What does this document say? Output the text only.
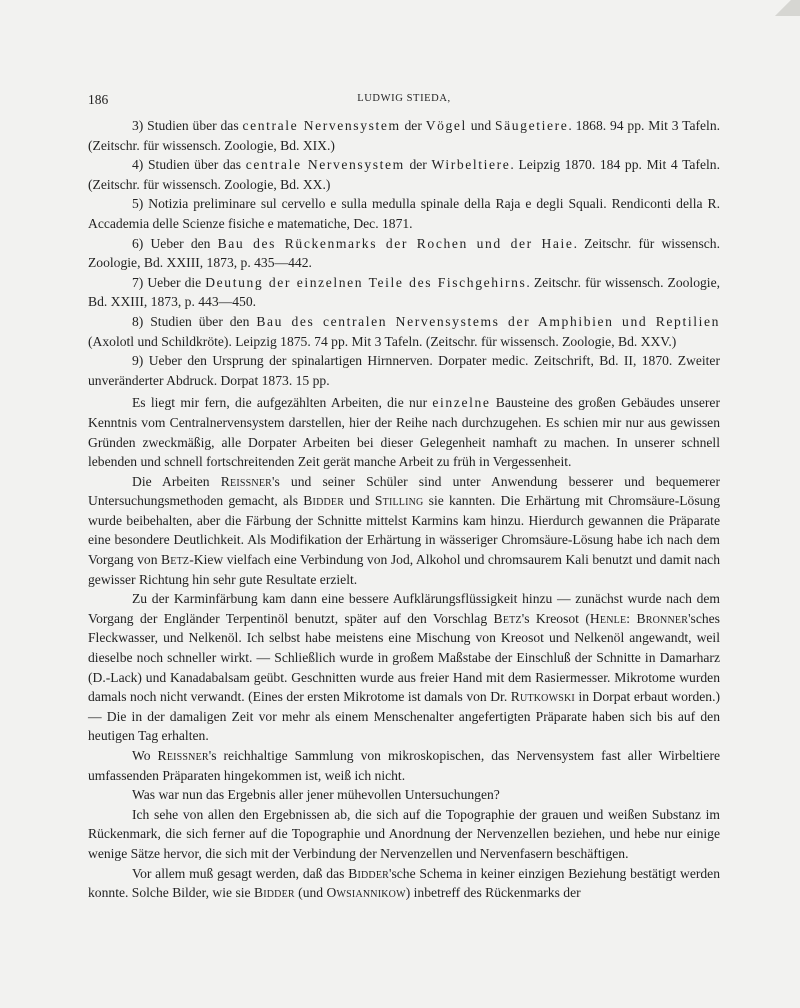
186	LUDWIG STIEDA,

3) Studien über das centrale Nervensystem der Vögel und Säugetiere. 1868. 94 pp. Mit 3 Tafeln. (Zeitschr. für wissensch. Zoologie, Bd. XIX.)

4) Studien über das centrale Nervensystem der Wirbeltiere. Leipzig 1870. 184 pp. Mit 4 Tafeln. (Zeitschr. für wissensch. Zoologie, Bd. XX.)

5) Notizia preliminare sul cervello e sulla medulla spinale della Raja e degli Squali. Rendiconti della R. Accademia delle Scienze fisiche e matematiche, Dec. 1871.

6) Ueber den Bau des Rückenmarks der Rochen und der Haie. Zeitschr. für wissensch. Zoologie, Bd. XXIII, 1873, p. 435—442.

7) Ueber die Deutung der einzelnen Teile des Fischgehirns. Zeitschr. für wissensch. Zoologie, Bd. XXIII, 1873, p. 443—450.

8) Studien über den Bau des centralen Nervensystems der Amphibien und Reptilien (Axolotl und Schildkröte). Leipzig 1875. 74 pp. Mit 3 Tafeln. (Zeitschr. für wissensch. Zoologie, Bd. XXV.)

9) Ueber den Ursprung der spinalartigen Hirnnerven. Dorpater medic. Zeitschrift, Bd. II, 1870. Zweiter unveränderter Abdruck. Dorpat 1873. 15 pp.

Es liegt mir fern, die aufgezählten Arbeiten, die nur einzelne Bausteine des großen Gebäudes unserer Kenntnis vom Centralnervensystem darstellen, hier der Reihe nach durchzugehen. Es schien mir nur aus gewissen Gründen zweckmäßig, alle Dorpater Arbeiten bei dieser Gelegenheit namhaft zu machen. In unserer schnell lebenden und schnell fortschreitenden Zeit gerät manche Arbeit zu früh in Vergessenheit.

Die Arbeiten Reissner's und seiner Schüler sind unter Anwendung besserer und bequemerer Untersuchungsmethoden gemacht, als Bidder und Stilling sie kannten. Die Erhärtung mit Chromsäure-Lösung wurde beibehalten, aber die Färbung der Schnitte mittelst Karmins kam hinzu. Hierdurch gewannen die Präparate eine besondere Deutlichkeit. Als Modifikation der Erhärtung in wässeriger Chromsäure-Lösung habe ich nach dem Vorgang von Betz-Kiew vielfach eine Verbindung von Jod, Alkohol und chromsaurem Kali benutzt und damit nach gewisser Richtung hin sehr gute Resultate erzielt.

Zu der Karminfärbung kam dann eine bessere Aufklärungsflüssigkeit hinzu — zunächst wurde nach dem Vorgang der Engländer Terpentinöl benutzt, später auf den Vorschlag Betz's Kreosot (Henle: Bronner'sches Fleckwasser, und Nelkenöl. Ich selbst habe meistens eine Mischung von Kreosot und Nelkenöl angewandt, weil dieselbe noch schneller wirkt. — Schließlich wurde in großem Maßstabe der Einschluß der Schnitte in Damarharz (D.-Lack) und Kanadabalsam geübt. Geschnitten wurde aus freier Hand mit dem Rasiermesser. Mikrotome wurden damals noch nicht verwandt. (Eines der ersten Mikrotome ist damals von Dr. Rutkowski in Dorpat erbaut worden.) — Die in der damaligen Zeit vor mehr als einem Menschenalter angefertigten Präparate haben sich bis auf den heutigen Tag erhalten.

Wo Reissner's reichhaltige Sammlung von mikroskopischen, das Nervensystem fast aller Wirbeltiere umfassenden Präparaten hingekommen ist, weiß ich nicht.

Was war nun das Ergebnis aller jener mühevollen Untersuchungen?

Ich sehe von allen den Ergebnissen ab, die sich auf die Topographie der grauen und weißen Substanz im Rückenmark, die sich ferner auf die Topographie und Anordnung der Nervenzellen beziehen, und hebe nur einige wenige Sätze hervor, die sich mit der Verbindung der Nervenzellen und Nervenfasern beschäftigen.

Vor allem muß gesagt werden, daß das Bidder'sche Schema in keiner einzigen Beziehung bestätigt werden konnte. Solche Bilder, wie sie Bidder (und Owsiannikow) inbetreff des Rückenmarks der
